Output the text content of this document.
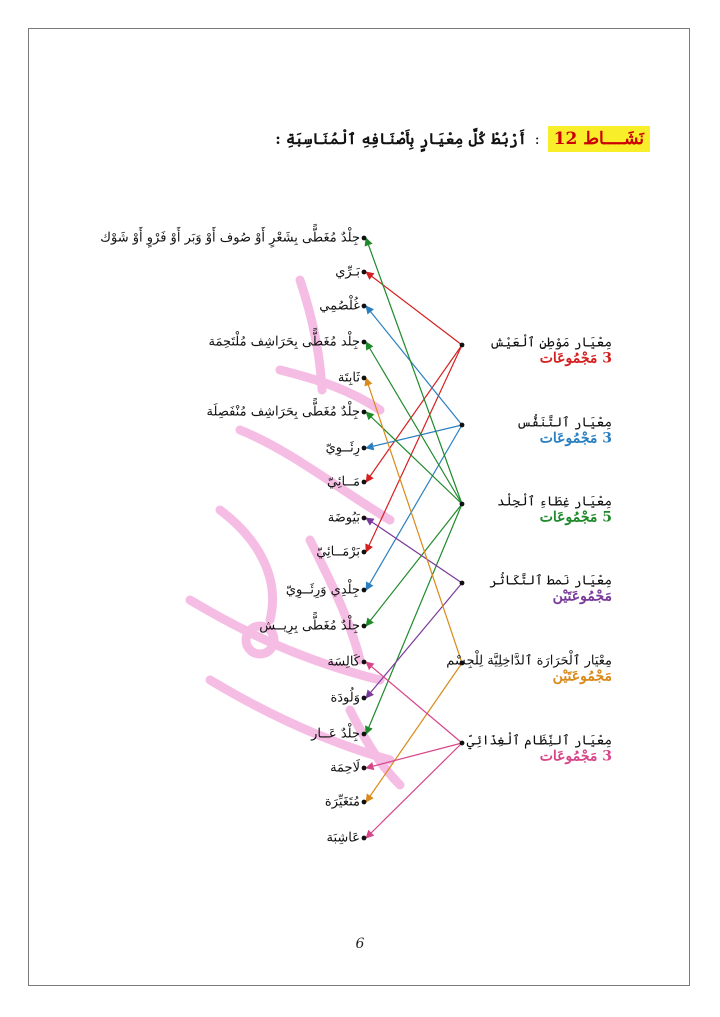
نَشَــــاط 12
:
أَرْبُطْ كُلَّ مِعْيَارٍ بِأَصْنَافِهِ ٱلْمُنَاسِبَةِ :
جِلْدٌ مُغَطًّى بِشَعْرٍ أَوْ صُوف أَوْ وَبَر أَوْ فَرْوٍ أَوْ شَوْك
بَـرِّي
غُلْصُمِي
جِلْد مُغَطًّى بِحَرَاشِف مُلْتَحِمَة
ثَابِتَة
جِلْدٌ مُغَطًّى بِحَرَاشِف مُنْفَصِلَة
رِئَــوِيّ
مَــائِيّ
بَيُوضَة
بَرْمَــائِيّ
جِلْدِي وَرِئَــوِيّ
جِلْدٌ مُغَطًّى بِرِيــش
كَالِسَة
وَلُودَة
جِلْدٌ عَــار
لَاحِمَة
مُتَغَيِّرَة
عَاشِبَة
مِعْيَار مَوْطِنِ ٱلْعَيْش
3 مَجْمُوعَات
مِعْيَار ٱلتَّنَفُّس
3 مَجْمُوعَات
مِعْيَار غِطَاءِ ٱلْجِلْد
5 مَجْمُوعَات
مِعْيَار نَمط ٱلتَّكَاثُر
مَجْمُوعَتَيْن
مِعْيَار ٱلْحَرَارَة ٱلدَّاخِلِيَّة لِلْجِسْم
مَجْمُوعَتَيْن
مِعْيَار ٱلنِّظَام ٱلْغِذَائِيّ
3 مَجْمُوعَات
6
